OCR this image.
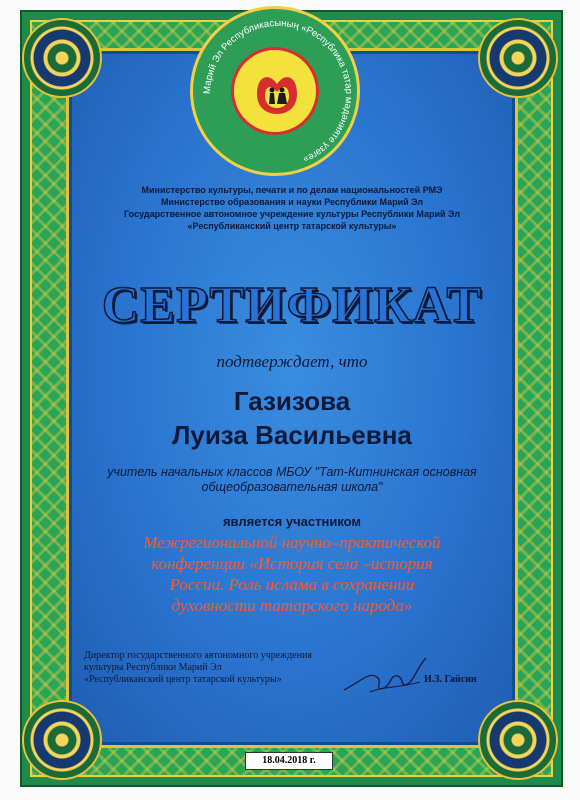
Марий Эл Республикасының «Республика татар мәдәнияте үзәге»
Министерство культуры, печати и по делам национальностей РМЭ
Министерство образования и науки Республики Марий Эл
Государственное автономное учреждение культуры Республики Марий Эл
«Республиканский центр татарской культуры»
СЕРТИФИКАТ
подтверждает, что
Газизова
Луиза Васильевна
учитель начальных классов МБОУ "Тат-Китнинская основная
общеобразовательная школа"
является участником
Межрегиональной научно–практической
конференции «История села –история
России. Роль ислама в сохранении
духовности татарского народа»
Директор государственного автономного учреждения
культуры Республики Марий Эл
«Республиканский центр татарской культуры»	И.З. Гайсин
18.04.2018 г.
